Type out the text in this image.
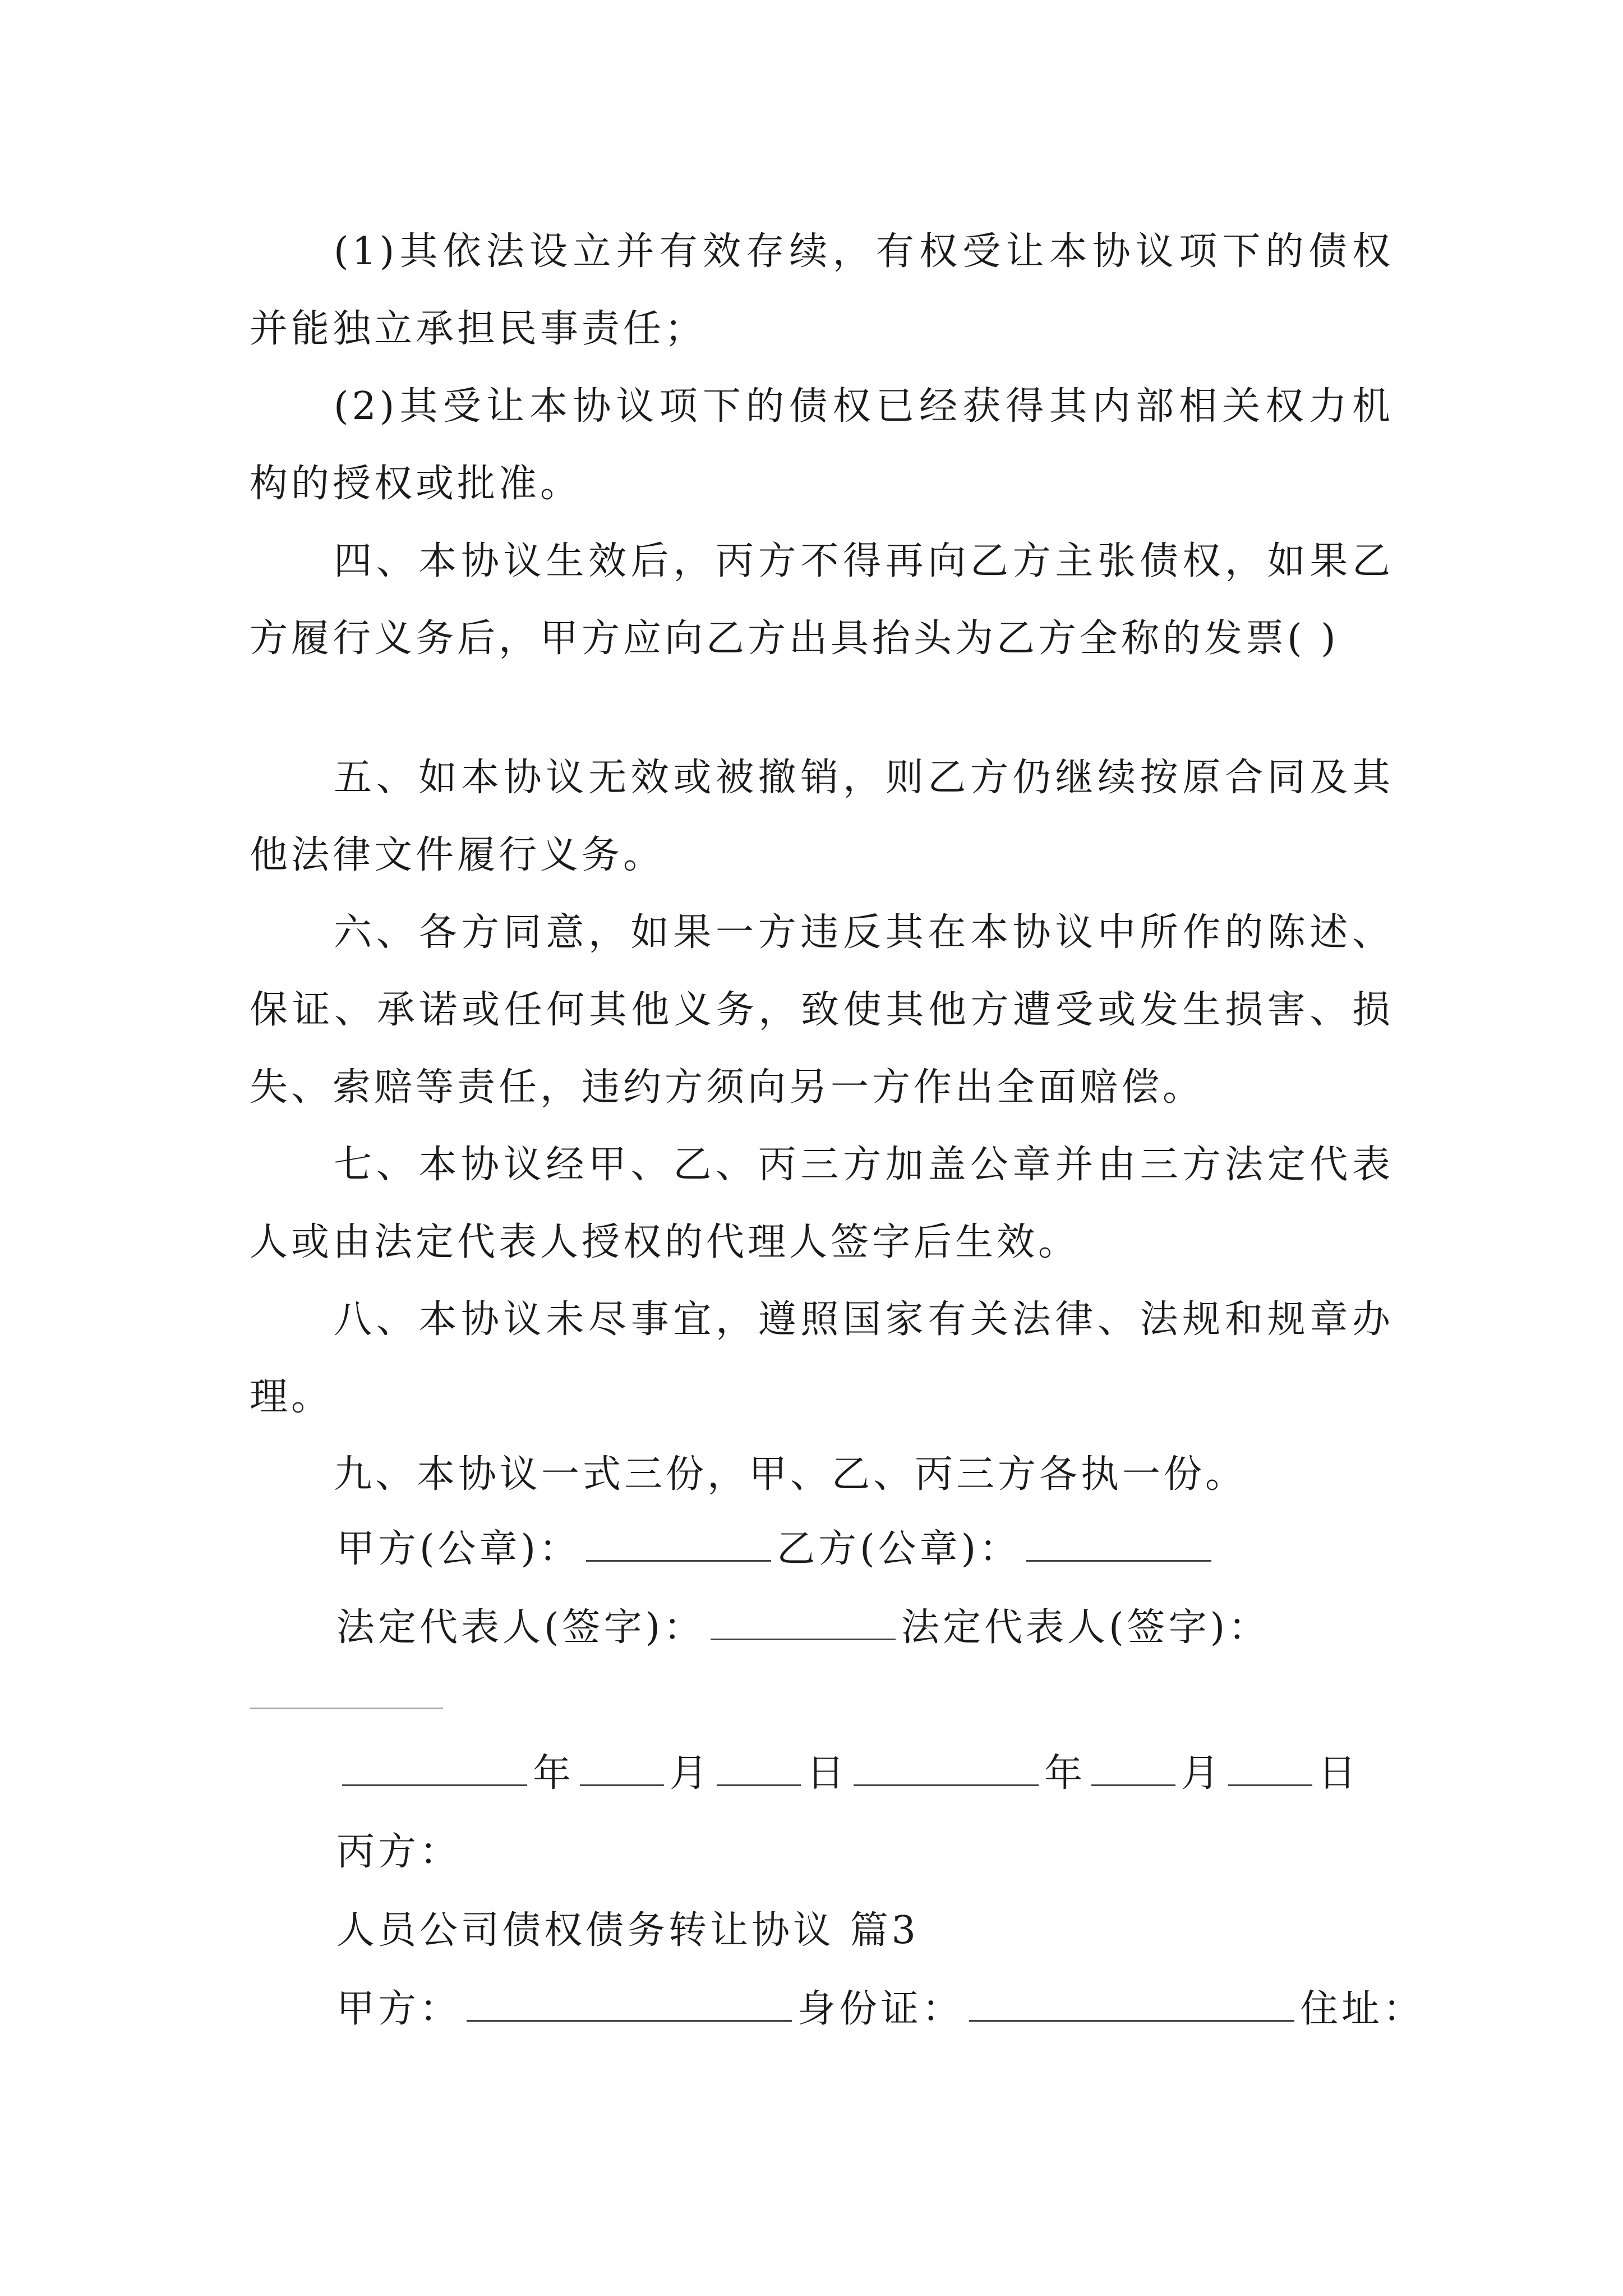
(1)其依法设立并有效存续，有权受让本协议项下的债权并能独立承担民事责任；

(2)其受让本协议项下的债权已经获得其内部相关权力机构的授权或批准。

四、本协议生效后，丙方不得再向乙方主张债权，如果乙方履行义务后，甲方应向乙方出具抬头为乙方全称的发票( )

五、如本协议无效或被撤销，则乙方仍继续按原合同及其他法律文件履行义务。

六、各方同意，如果一方违反其在本协议中所作的陈述、保证、承诺或任何其他义务，致使其他方遭受或发生损害、损失、索赔等责任，违约方须向另一方作出全面赔偿。

七、本协议经甲、乙、丙三方加盖公章并由三方法定代表人或由法定代表人授权的代理人签字后生效。

八、本协议未尽事宜，遵照国家有关法律、法规和规章办理。

九、本协议一式三份，甲、乙、丙三方各执一份。

甲方(公章)：	乙方(公章)：
法定代表人(签字)：	法定代表人(签字)：
年	月	日	年	月	日
丙方：
人员公司债权债务转让协议 篇3
甲方：	身份证：	住址：
